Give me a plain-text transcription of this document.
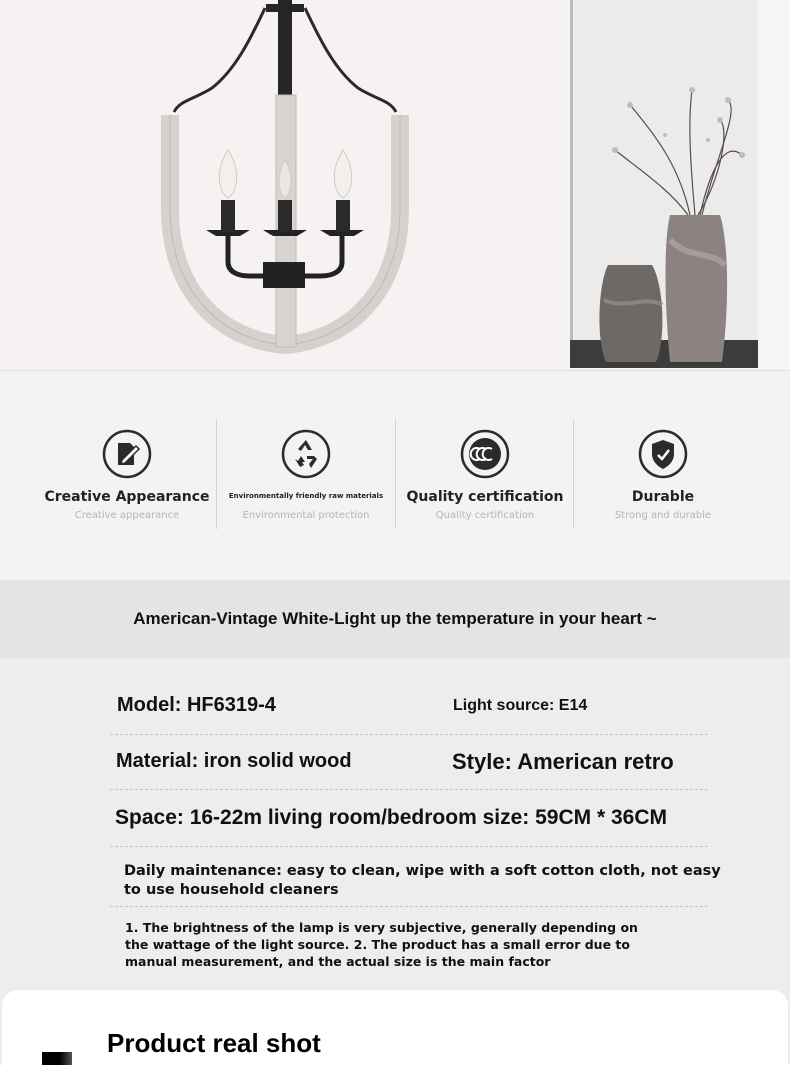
Creative Appearance
Creative appearance
Environmentally friendly raw materials
Environmental protection
Quality certification
Quality certification
Durable
Strong and durable
American-Vintage White-Light up the temperature in your heart ~
Model: HF6319-4	Light source: E14
Material: iron solid wood	Style: American retro
Space: 16-22m living room/bedroom size: 59CM * 36CM
Daily maintenance: easy to clean, wipe with a soft cotton cloth, not easy to use household cleaners
1. The brightness of the lamp is very subjective, generally depending on
the wattage of the light source. 2. The product has a small error due to
manual measurement, and the actual size is the main factor
Product real shot
